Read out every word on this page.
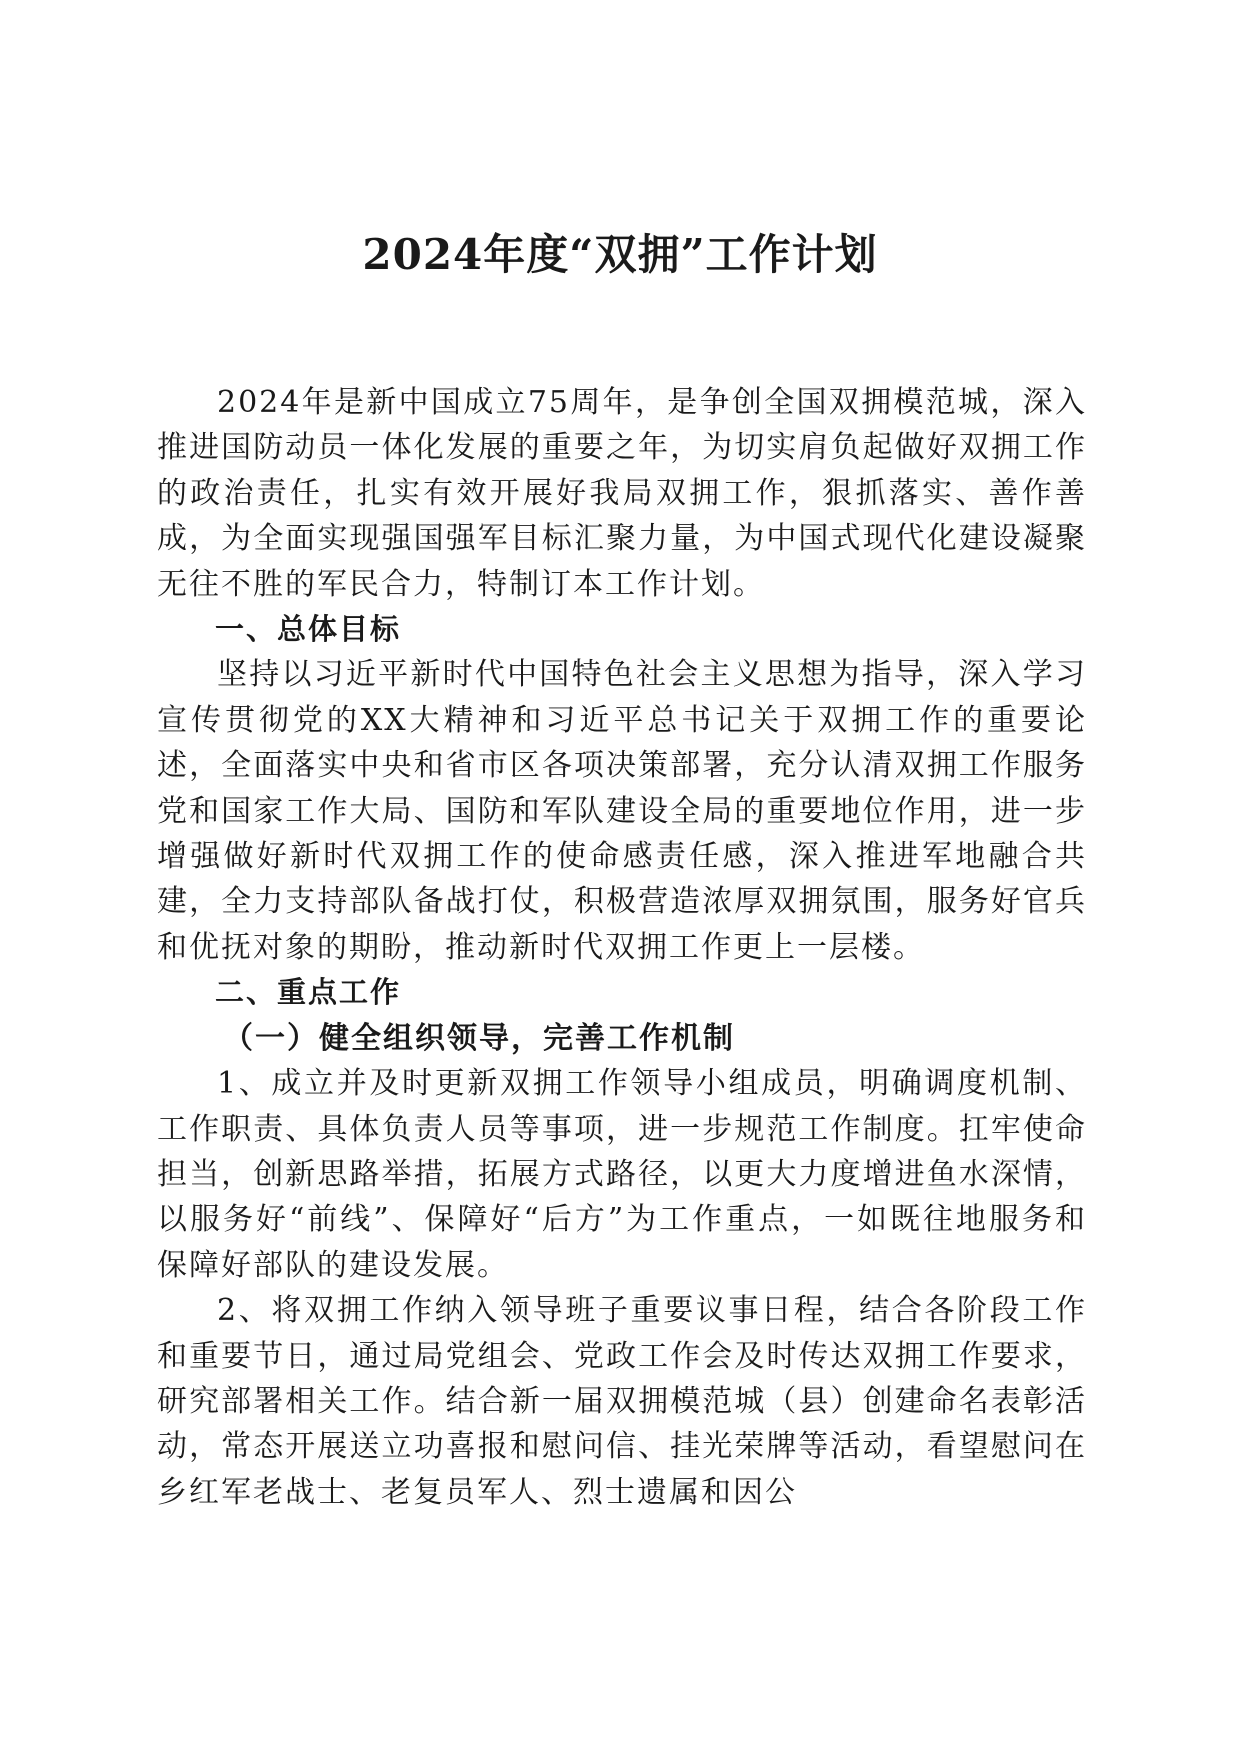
2024年度“双拥”工作计划

2024年是新中国成立75周年，是争创全国双拥模范城，深入推进国防动员一体化发展的重要之年，为切实肩负起做好双拥工作的政治责任，扎实有效开展好我局双拥工作，狠抓落实、善作善成，为全面实现强国强军目标汇聚力量，为中国式现代化建设凝聚无往不胜的军民合力，特制订本工作计划。

一、总体目标

坚持以习近平新时代中国特色社会主义思想为指导，深入学习宣传贯彻党的XX大精神和习近平总书记关于双拥工作的重要论述，全面落实中央和省市区各项决策部署，充分认清双拥工作服务党和国家工作大局、国防和军队建设全局的重要地位作用，进一步增强做好新时代双拥工作的使命感责任感，深入推进军地融合共建，全力支持部队备战打仗，积极营造浓厚双拥氛围，服务好官兵和优抚对象的期盼，推动新时代双拥工作更上一层楼。

二、重点工作

（一）健全组织领导，完善工作机制

1、成立并及时更新双拥工作领导小组成员，明确调度机制、工作职责、具体负责人员等事项，进一步规范工作制度。扛牢使命担当，创新思路举措，拓展方式路径，以更大力度增进鱼水深情，以服务好“前线”、保障好“后方”为工作重点，一如既往地服务和保障好部队的建设发展。

2、将双拥工作纳入领导班子重要议事日程，结合各阶段工作和重要节日，通过局党组会、党政工作会及时传达双拥工作要求，研究部署相关工作。结合新一届双拥模范城（县）创建命名表彰活动，常态开展送立功喜报和慰问信、挂光荣牌等活动，看望慰问在乡红军老战士、老复员军人、烈士遗属和因公
